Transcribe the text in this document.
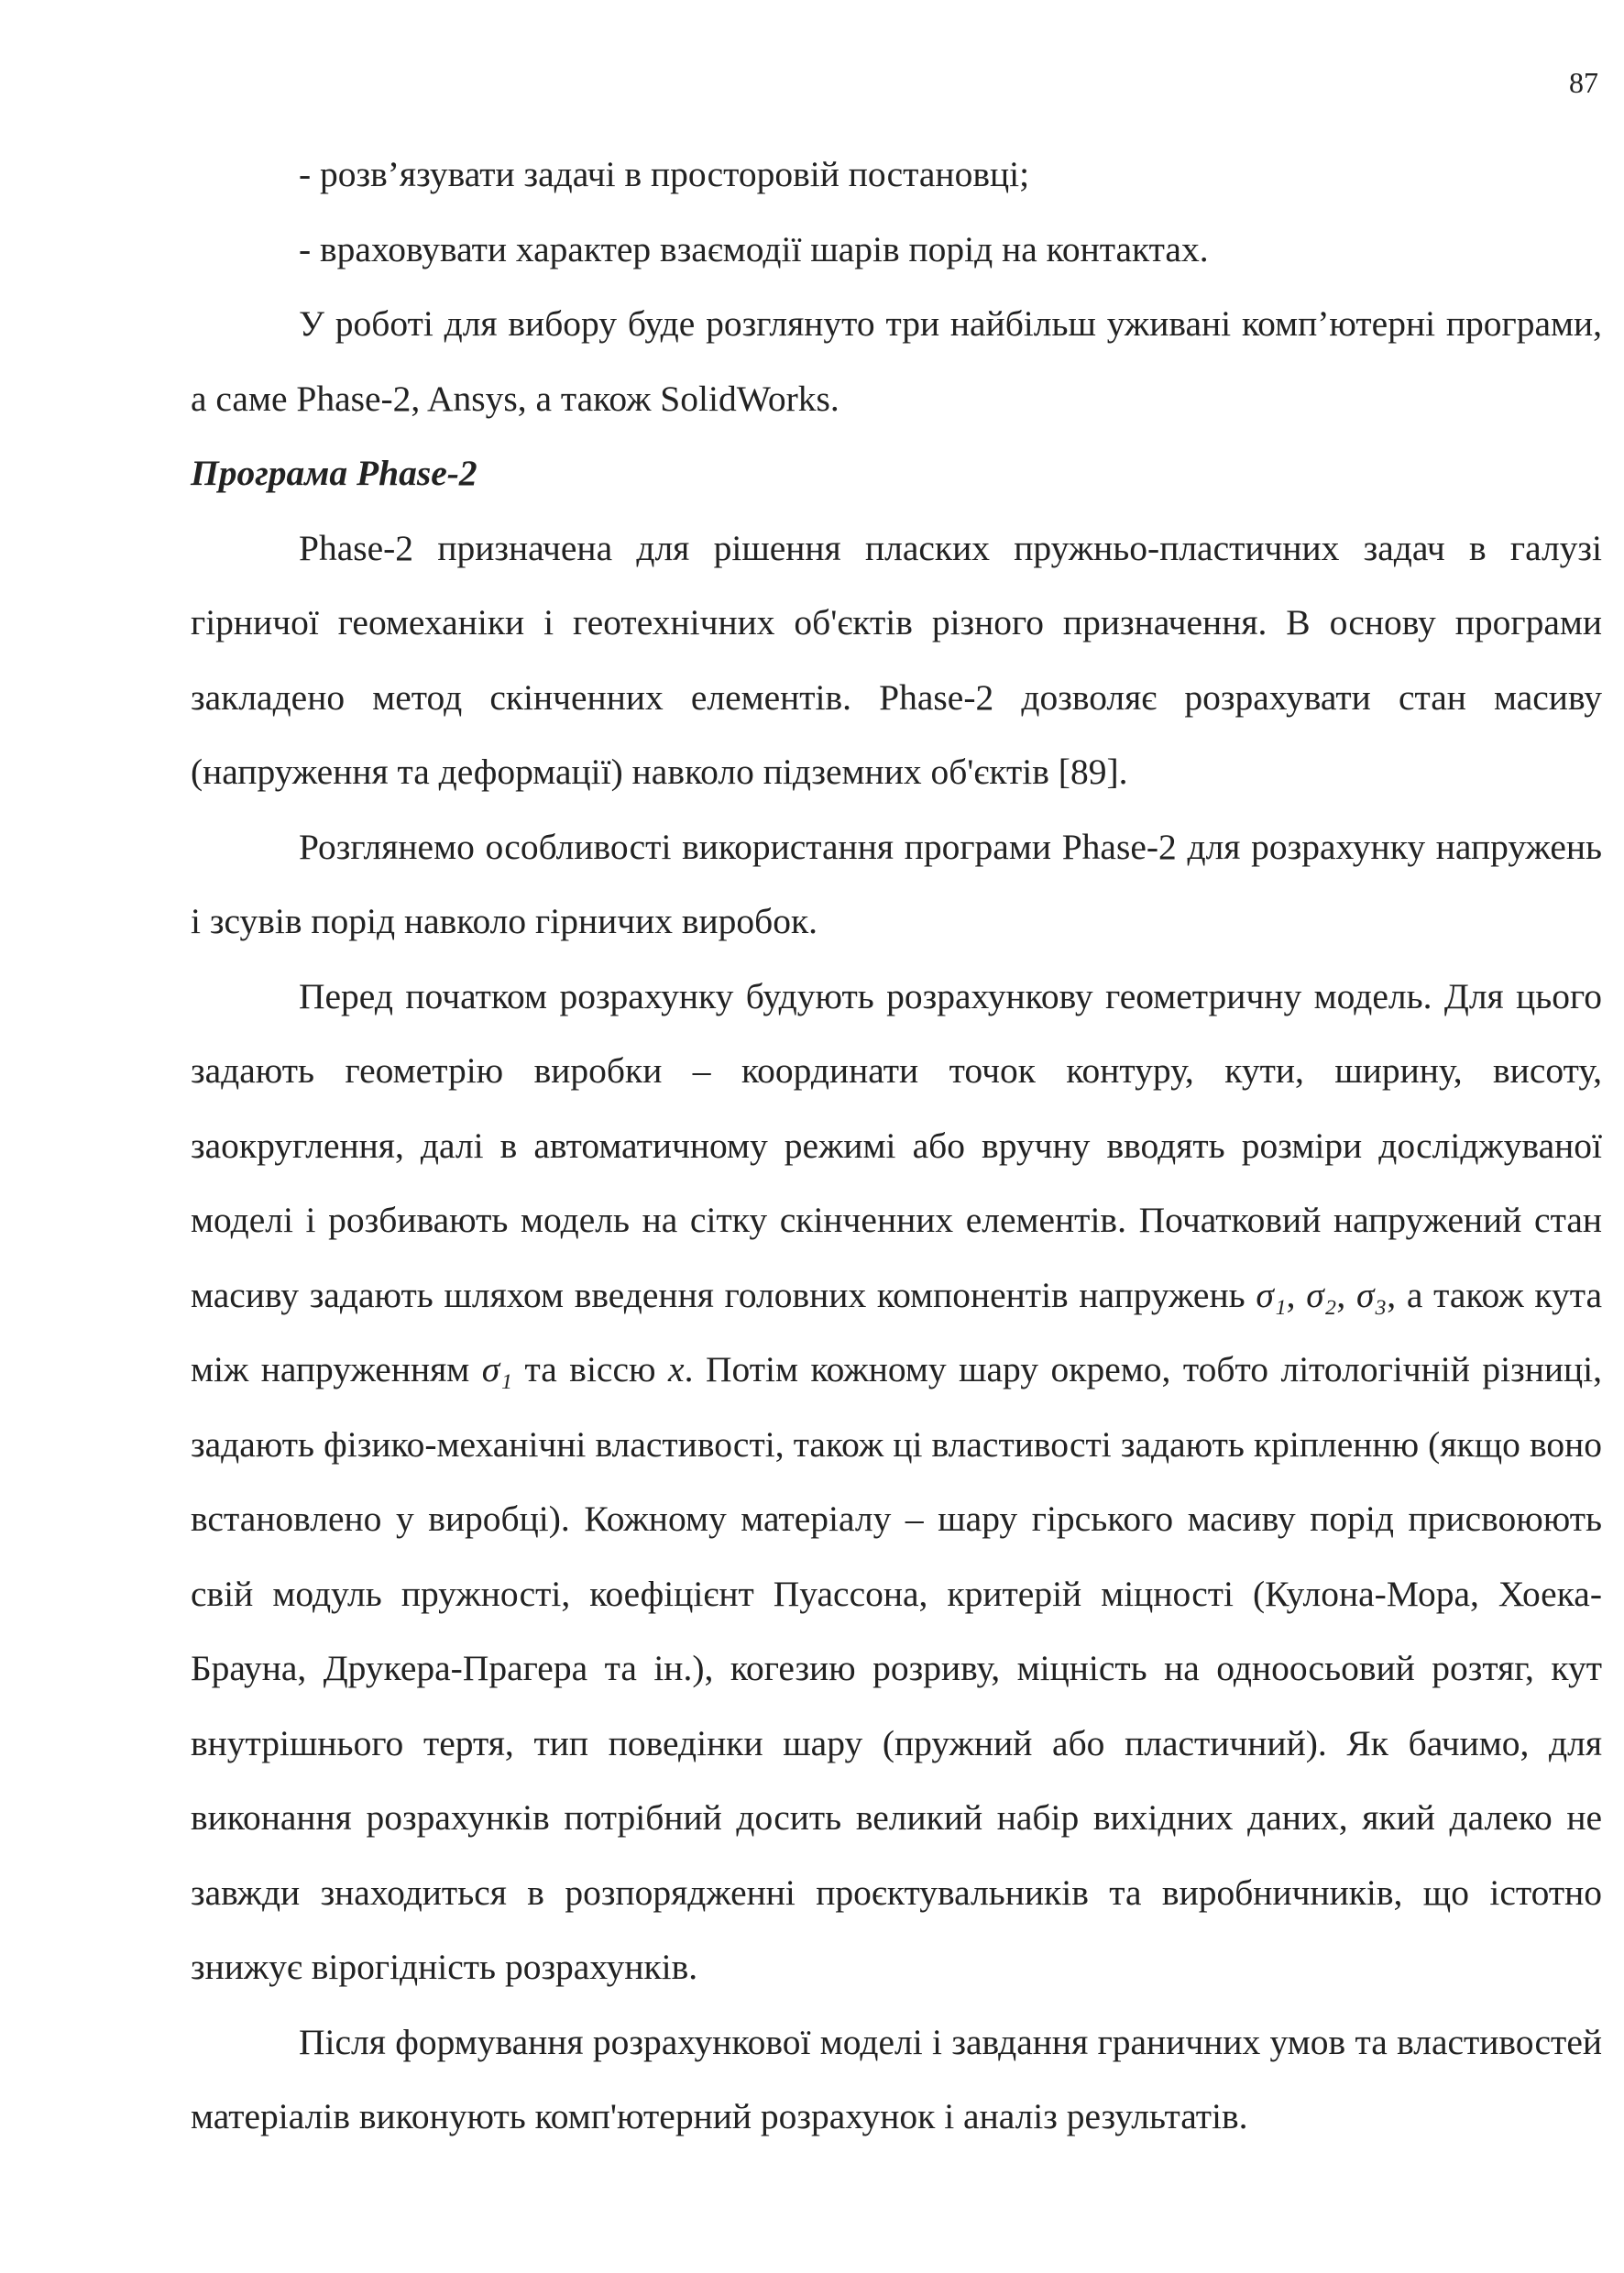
87

- розв’язувати задачі в просторовій постановці;

- враховувати характер взаємодії шарів порід на контактах.

У роботі для вибору буде розглянуто три найбільш уживані комп’ютерні програми, а саме Phase-2, Ansys, а також SolidWorks.

Програма Phase-2

Phase-2 призначена для рішення пласких пружньо-пластичних задач в галузі гірничої геомеханіки і геотехнічних об'єктів різного призначення. В основу програми закладено метод скінченних елементів. Phase-2 дозволяє розрахувати стан масиву (напруження та деформації) навколо підземних об'єктів [89].

Розглянемо особливості використання програми Phase-2 для розрахунку напружень і зсувів порід навколо гірничих виробок.

Перед початком розрахунку будують розрахункову геометричну модель. Для цього задають геометрію виробки – координати точок контуру, кути, ширину, висоту, заокруглення, далі в автоматичному режимі або вручну вводять розміри досліджуваної моделі і розбивають модель на сітку скінченних елементів. Початковий напружений стан масиву задають шляхом введення головних компонентів напружень σ₁, σ₂, σ₃, а також кута між напруженням σ₁ та віссю x. Потім кожному шару окремо, тобто літологічній різниці, задають фізико-механічні властивості, також ці властивості задають кріпленню (якщо воно встановлено у виробці). Кожному матеріалу – шару гірського масиву порід присвоюють свій модуль пружності, коефіцієнт Пуассона, критерій міцності (Кулона-Мора, Хоека-Брауна, Друкера-Прагера та ін.), когезию розриву, міцність на одноосьовий розтяг, кут внутрішнього тертя, тип поведінки шару (пружний або пластичний). Як бачимо, для виконання розрахунків потрібний досить великий набір вихідних даних, який далеко не завжди знаходиться в розпорядженні проєктувальників та виробничників, що істотно знижує вірогідність розрахунків.

Після формування розрахункової моделі і завдання граничних умов та властивостей матеріалів виконують комп'ютерний розрахунок і аналіз результатів.
